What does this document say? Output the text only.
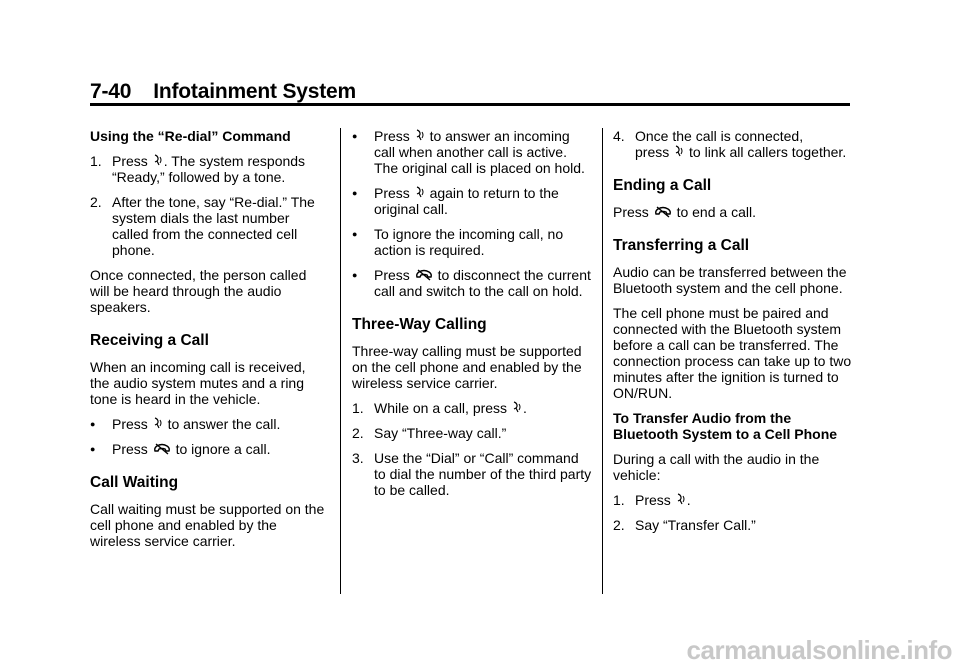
7-40 Infotainment System

Using the “Re-dial” Command

1. Press . The system responds “Ready,” followed by a tone.
2. After the tone, say “Re-dial.” The system dials the last number called from the connected cell phone.

Once connected, the person called will be heard through the audio speakers.

Receiving a Call

When an incoming call is received, the audio system mutes and a ring tone is heard in the vehicle.

●	Press to answer the call.
●	Press to ignore a call.
Call Waiting

Call waiting must be supported on the cell phone and enabled by the wireless service carrier.

●	Press to answer an incoming call when another call is active. The original call is placed on hold.
●	Press again to return to the original call.
●	To ignore the incoming call, no action is required.
●	Press to disconnect the current call and switch to the call on hold.
Three-Way Calling

Three-way calling must be supported on the cell phone and enabled by the wireless service carrier.

1. While on a call, press .
2. Say “Three-way call.”
3. Use the “Dial” or “Call” command to dial the number of the third party to be called.
4. Once the call is connected,
press to link all callers together.
Ending a Call

Press to end a call.

Transferring a Call

Audio can be transferred between the Bluetooth system and the cell phone.

The cell phone must be paired and connected with the Bluetooth system before a call can be transferred. The connection process can take up to two minutes after the ignition is turned to ON/RUN.

To Transfer Audio from the Bluetooth System to a Cell Phone

During a call with the audio in the vehicle:

1. Press .
2. Say “Transfer Call.”
carmanualsonline.info
